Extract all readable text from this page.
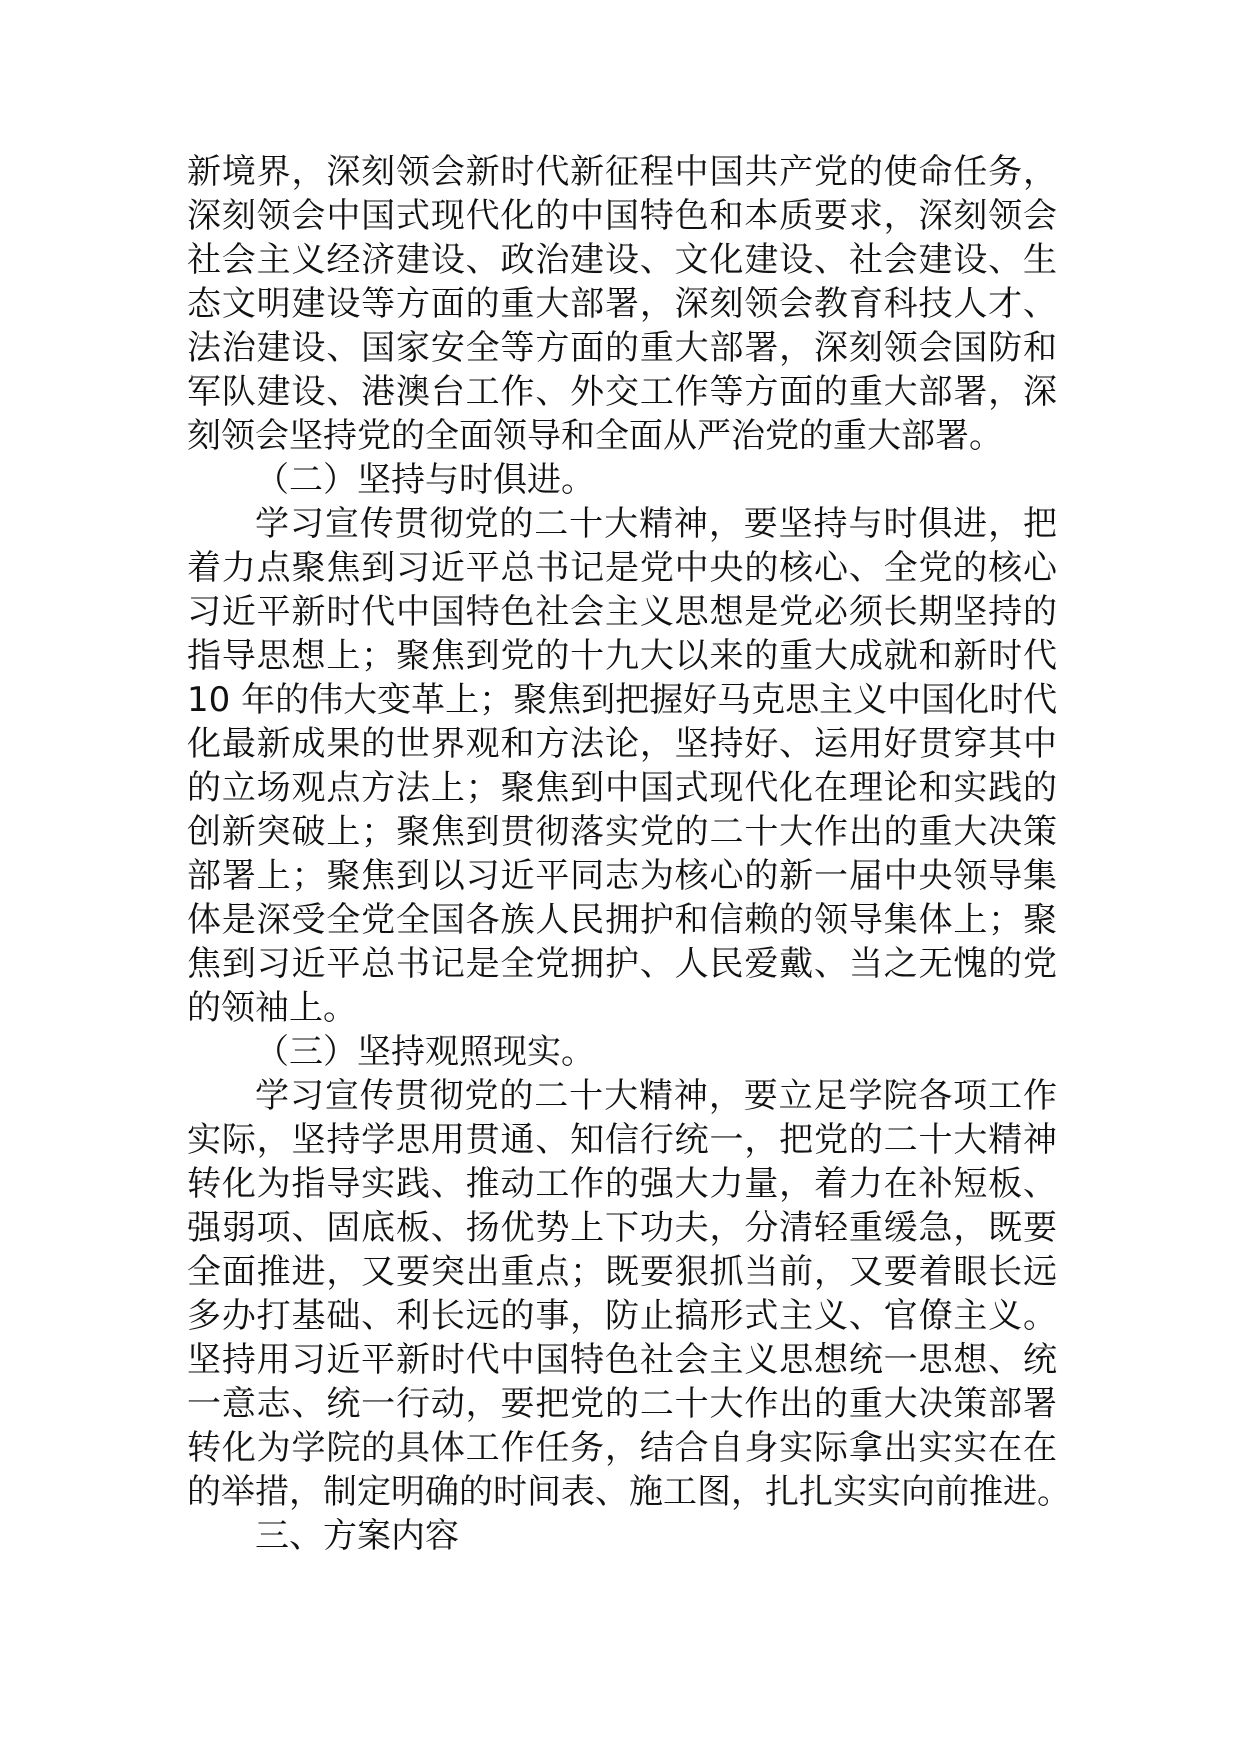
新境界，深刻领会新时代新征程中国共产党的使命任务，
深刻领会中国式现代化的中国特色和本质要求，深刻领会
社会主义经济建设、政治建设、文化建设、社会建设、生
态文明建设等方面的重大部署，深刻领会教育科技人才、
法治建设、国家安全等方面的重大部署，深刻领会国防和
军队建设、港澳台工作、外交工作等方面的重大部署，深
刻领会坚持党的全面领导和全面从严治党的重大部署。
（二）坚持与时俱进。
学习宣传贯彻党的二十大精神，要坚持与时俱进，把
着力点聚焦到习近平总书记是党中央的核心、全党的核心
习近平新时代中国特色社会主义思想是党必须长期坚持的
指导思想上；聚焦到党的十九大以来的重大成就和新时代
10 年的伟大变革上；聚焦到把握好马克思主义中国化时代
化最新成果的世界观和方法论，坚持好、运用好贯穿其中
的立场观点方法上；聚焦到中国式现代化在理论和实践的
创新突破上；聚焦到贯彻落实党的二十大作出的重大决策
部署上；聚焦到以习近平同志为核心的新一届中央领导集
体是深受全党全国各族人民拥护和信赖的领导集体上；聚
焦到习近平总书记是全党拥护、人民爱戴、当之无愧的党
的领袖上。
（三）坚持观照现实。
学习宣传贯彻党的二十大精神，要立足学院各项工作
实际，坚持学思用贯通、知信行统一，把党的二十大精神
转化为指导实践、推动工作的强大力量，着力在补短板、
强弱项、固底板、扬优势上下功夫，分清轻重缓急，既要
全面推进，又要突出重点；既要狠抓当前，又要着眼长远
多办打基础、利长远的事，防止搞形式主义、官僚主义。
坚持用习近平新时代中国特色社会主义思想统一思想、统
一意志、统一行动，要把党的二十大作出的重大决策部署
转化为学院的具体工作任务，结合自身实际拿出实实在在
的举措，制定明确的时间表、施工图，扎扎实实向前推进。
三、方案内容
